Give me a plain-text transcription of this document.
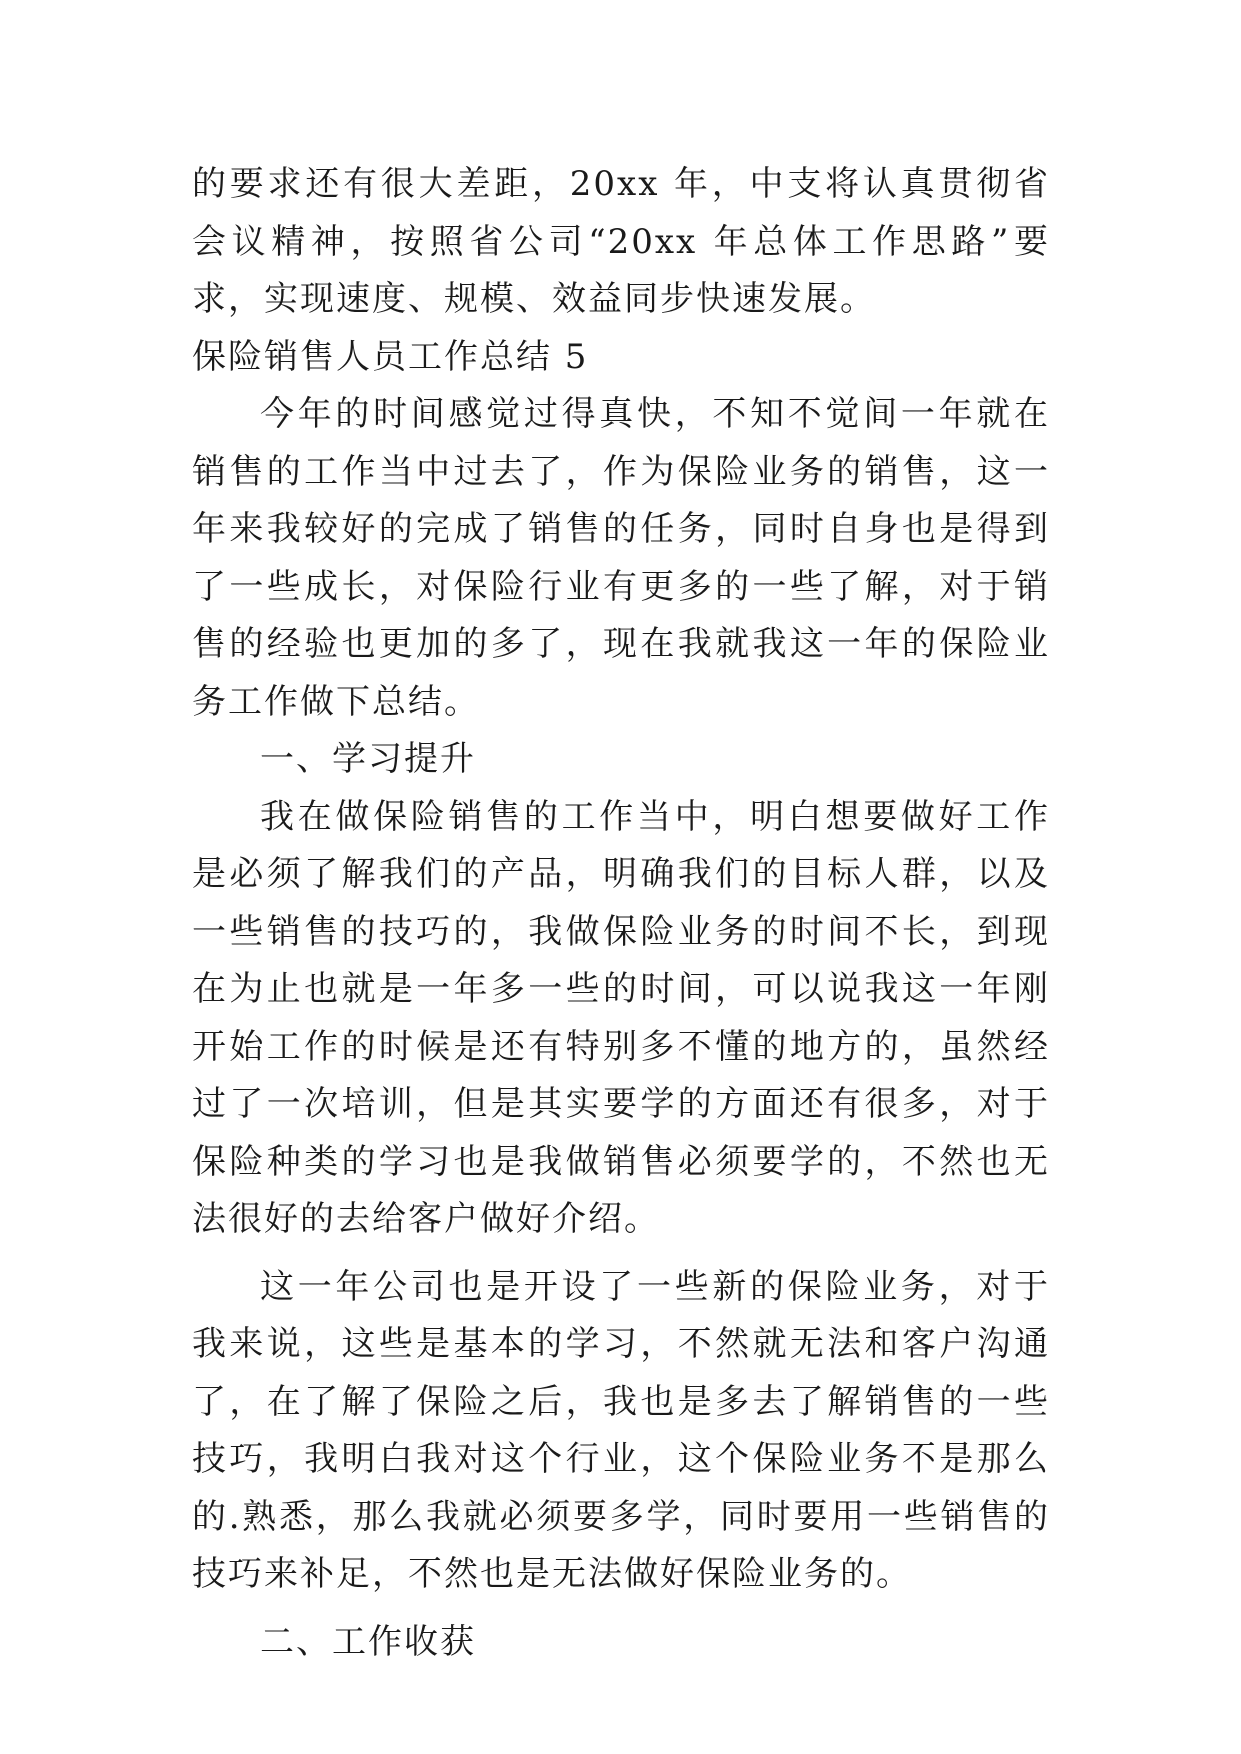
的要求还有很大差距，20xx 年，中支将认真贯彻省会议精神，按照省公司“20xx 年总体工作思路”要求，实现速度、规模、效益同步快速发展。

保险销售人员工作总结 5

今年的时间感觉过得真快，不知不觉间一年就在销售的工作当中过去了，作为保险业务的销售，这一年来我较好的完成了销售的任务，同时自身也是得到了一些成长，对保险行业有更多的一些了解，对于销售的经验也更加的多了，现在我就我这一年的保险业务工作做下总结。

一、学习提升

我在做保险销售的工作当中，明白想要做好工作是必须了解我们的产品，明确我们的目标人群，以及一些销售的技巧的，我做保险业务的时间不长，到现在为止也就是一年多一些的时间，可以说我这一年刚开始工作的时候是还有特别多不懂的地方的，虽然经过了一次培训，但是其实要学的方面还有很多，对于保险种类的学习也是我做销售必须要学的，不然也无法很好的去给客户做好介绍。

这一年公司也是开设了一些新的保险业务，对于我来说，这些是基本的学习，不然就无法和客户沟通了，在了解了保险之后，我也是多去了解销售的一些技巧，我明白我对这个行业，这个保险业务不是那么的.熟悉，那么我就必须要多学，同时要用一些销售的技巧来补足，不然也是无法做好保险业务的。

二、工作收获
